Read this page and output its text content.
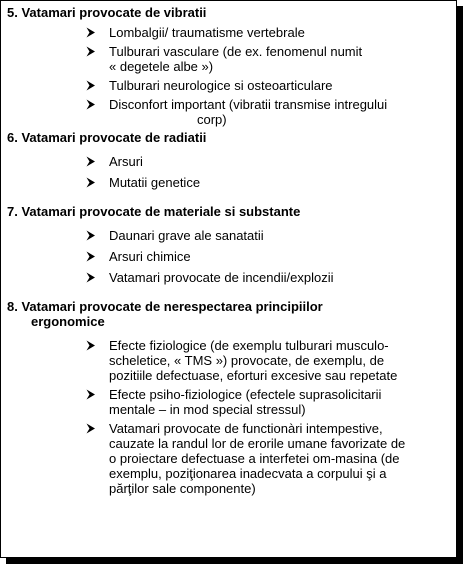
5. Vatamari provocate de vibratii

Lombalgii/ traumatisme vertebrale
Tulburari vasculare (de ex. fenomenul numit
« degetele albe »)
Tulburari neurologice si osteoarticulare
Disconfort important (vibratii transmise intregului
corp)

6. Vatamari provocate de radiatii

Arsuri
Mutatii genetice

7. Vatamari provocate de materiale si substante

Daunari grave ale sanatatii
Arsuri chimice
Vatamari provocate de incendii/explozii

8. Vatamari provocate de nerespectarea principiilor
ergonomice

Efecte fiziologice (de exemplu tulburari musculo-
scheletice, « TMS ») provocate, de exemplu, de
pozitiile defectuase, eforturi excesive sau repetate
Efecte psiho-fiziologice (efectele suprasolicitarii
mentale – in mod special stressul)
Vatamari provocate de functionàri intempestive,
cauzate la randul lor de erorile umane favorizate de
o proiectare defectuase a interfetei om-masina (de
exemplu, poziţionarea inadecvata a corpului şi a
părţilor sale componente)
